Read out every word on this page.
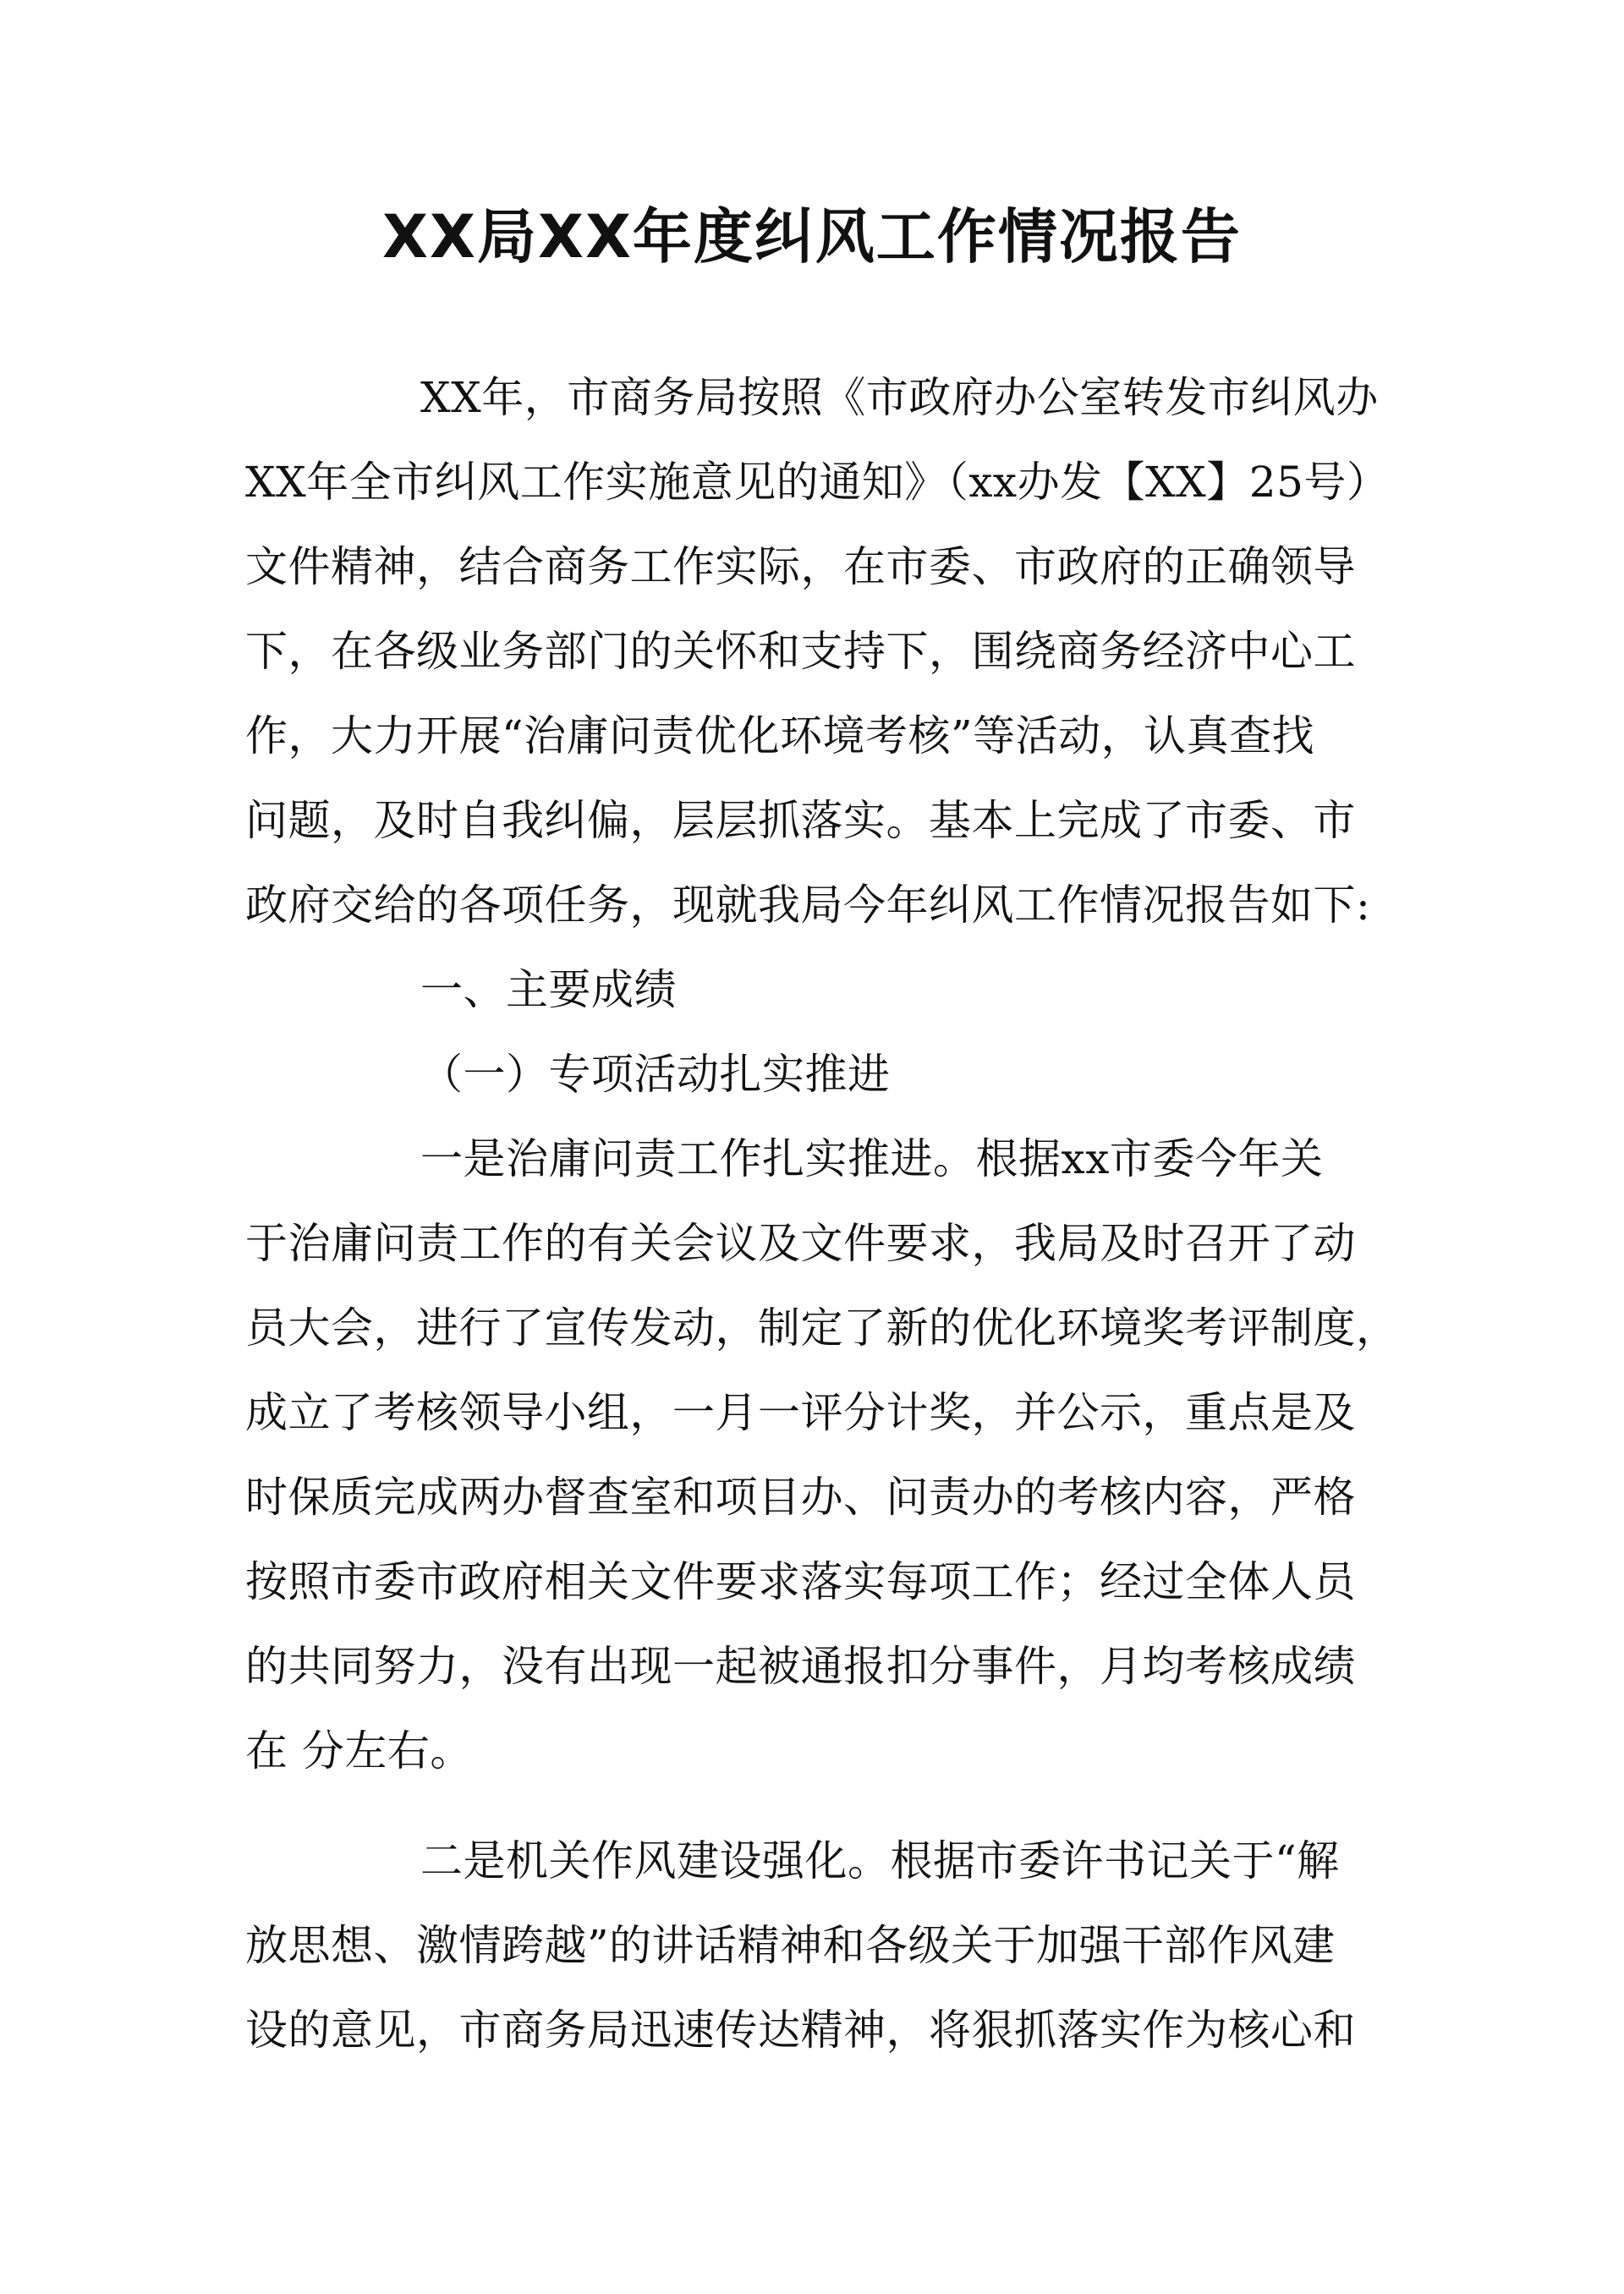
XX局XX年度纠风工作情况报告
XX年，市商务局按照《市政府办公室转发市纠风办
XX年全市纠风工作实施意见的通知》（xx办发【XX】25号）
文件精神，结合商务工作实际，在市委、市政府的正确领导
下，在各级业务部门的关怀和支持下，围绕商务经济中心工
作，大力开展“治庸问责优化环境考核”等活动，认真查找
问题，及时自我纠偏，层层抓落实。基本上完成了市委、市
政府交给的各项任务，现就我局今年纠风工作情况报告如下:
一、主要成绩
（一）专项活动扎实推进
一是治庸问责工作扎实推进。根据xx市委今年关
于治庸问责工作的有关会议及文件要求，我局及时召开了动
员大会，进行了宣传发动，制定了新的优化环境奖考评制度，
成立了考核领导小组，一月一评分计奖，并公示，重点是及
时保质完成两办督查室和项目办、问责办的考核内容，严格
按照市委市政府相关文件要求落实每项工作；经过全体人员
的共同努力，没有出现一起被通报扣分事件，月均考核成绩
在 分左右。
二是机关作风建设强化。根据市委许书记关于“解
放思想、激情跨越”的讲话精神和各级关于加强干部作风建
设的意见，市商务局迅速传达精神，将狠抓落实作为核心和
